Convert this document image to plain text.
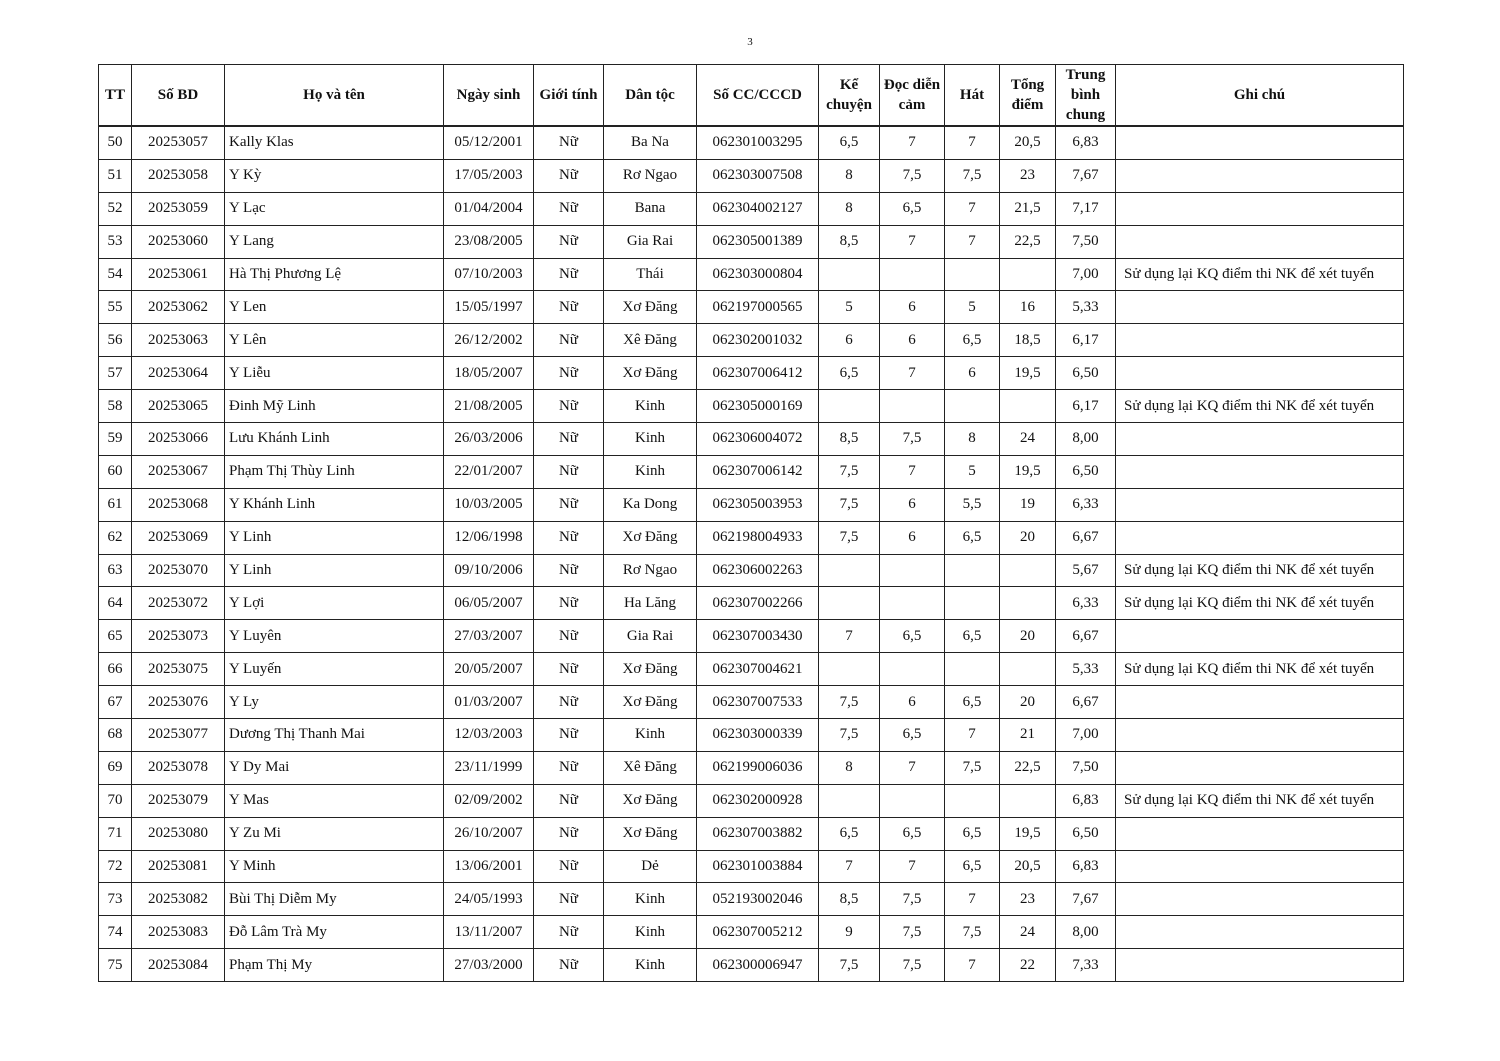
3
TT	Số BD	Họ và tên	Ngày sinh	Giới tính	Dân tộc	Số CC/CCCD	Kể chuyện	Đọc diễn cảm	Hát	Tổng điểm	Trung bình chung	Ghi chú
50	20253057	Kally Klas	05/12/2001	Nữ	Ba Na	062301003295	6,5	7	7	20,5	6,83	
51	20253058	Y Kỳ	17/05/2003	Nữ	Rơ Ngao	062303007508	8	7,5	7,5	23	7,67	
52	20253059	Y Lạc	01/04/2004	Nữ	Bana	062304002127	8	6,5	7	21,5	7,17	
53	20253060	Y Lang	23/08/2005	Nữ	Gia Rai	062305001389	8,5	7	7	22,5	7,50	
54	20253061	Hà Thị Phương Lệ	07/10/2003	Nữ	Thái	062303000804					7,00	Sử dụng lại KQ điểm thi NK để xét tuyển
55	20253062	Y Len	15/05/1997	Nữ	Xơ Đăng	062197000565	5	6	5	16	5,33	
56	20253063	Y Lên	26/12/2002	Nữ	Xê Đăng	062302001032	6	6	6,5	18,5	6,17	
57	20253064	Y Liễu	18/05/2007	Nữ	Xơ Đăng	062307006412	6,5	7	6	19,5	6,50	
58	20253065	Đinh Mỹ Linh	21/08/2005	Nữ	Kinh	062305000169					6,17	Sử dụng lại KQ điểm thi NK để xét tuyển
59	20253066	Lưu Khánh Linh	26/03/2006	Nữ	Kinh	062306004072	8,5	7,5	8	24	8,00	
60	20253067	Phạm Thị Thùy Linh	22/01/2007	Nữ	Kinh	062307006142	7,5	7	5	19,5	6,50	
61	20253068	Y Khánh Linh	10/03/2005	Nữ	Ka Dong	062305003953	7,5	6	5,5	19	6,33	
62	20253069	Y Linh	12/06/1998	Nữ	Xơ Đăng	062198004933	7,5	6	6,5	20	6,67	
63	20253070	Y Linh	09/10/2006	Nữ	Rơ Ngao	062306002263					5,67	Sử dụng lại KQ điểm thi NK để xét tuyển
64	20253072	Y Lợi	06/05/2007	Nữ	Ha Lăng	062307002266					6,33	Sử dụng lại KQ điểm thi NK để xét tuyển
65	20253073	Y Luyên	27/03/2007	Nữ	Gia Rai	062307003430	7	6,5	6,5	20	6,67	
66	20253075	Y Luyến	20/05/2007	Nữ	Xơ Đăng	062307004621					5,33	Sử dụng lại KQ điểm thi NK để xét tuyển
67	20253076	Y Ly	01/03/2007	Nữ	Xơ Đăng	062307007533	7,5	6	6,5	20	6,67	
68	20253077	Dương Thị Thanh Mai	12/03/2003	Nữ	Kinh	062303000339	7,5	6,5	7	21	7,00	
69	20253078	Y Dy Mai	23/11/1999	Nữ	Xê Đăng	062199006036	8	7	7,5	22,5	7,50	
70	20253079	Y Mas	02/09/2002	Nữ	Xơ Đăng	062302000928					6,83	Sử dụng lại KQ điểm thi NK để xét tuyển
71	20253080	Y Zu Mi	26/10/2007	Nữ	Xơ Đăng	062307003882	6,5	6,5	6,5	19,5	6,50	
72	20253081	Y Minh	13/06/2001	Nữ	Dẻ	062301003884	7	7	6,5	20,5	6,83	
73	20253082	Bùi Thị Diễm My	24/05/1993	Nữ	Kinh	052193002046	8,5	7,5	7	23	7,67	
74	20253083	Đỗ Lâm Trà My	13/11/2007	Nữ	Kinh	062307005212	9	7,5	7,5	24	8,00	
75	20253084	Phạm Thị My	27/03/2000	Nữ	Kinh	062300006947	7,5	7,5	7	22	7,33	
